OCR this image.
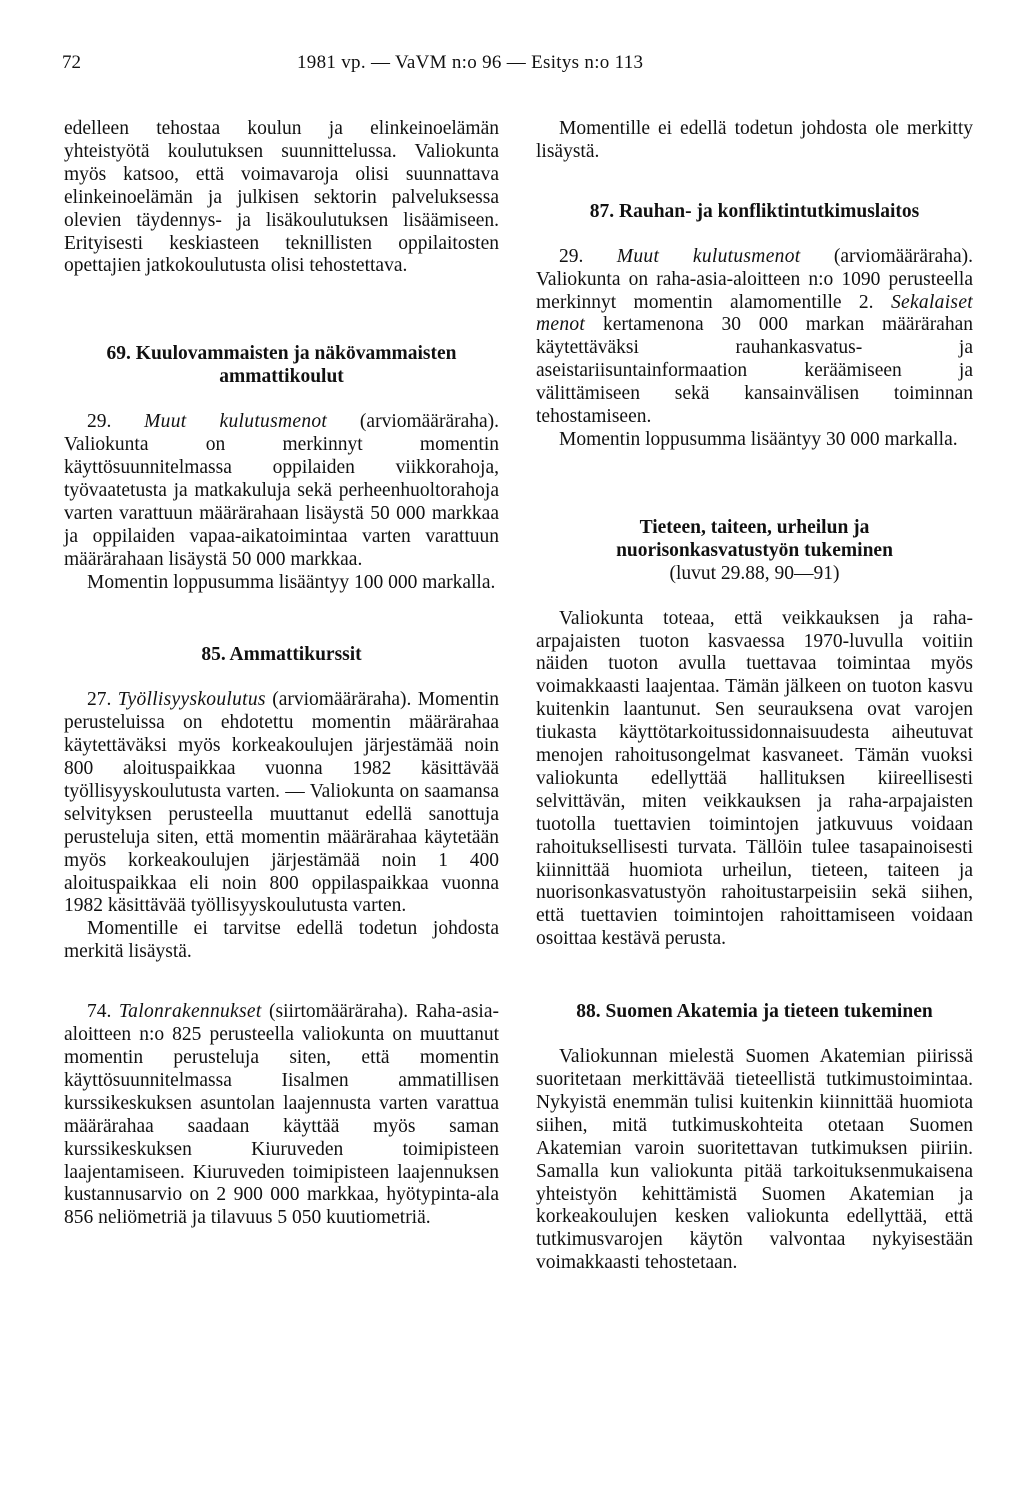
72	1981 vp. — VaVM n:o 96 — Esitys n:o 113

edelleen tehostaa koulun ja elinkeinoelämän yhteistyötä koulutuksen suunnittelussa. Valiokunta myös katsoo, että voimavaroja olisi suunnattava elinkeinoelämän ja julkisen sektorin palveluksessa olevien täydennys- ja lisäkoulutuksen lisäämiseen. Erityisesti keskiasteen teknillisten oppilaitosten opettajien jatkokoulutusta olisi tehostettava.

69. Kuulovammaisten ja näkövammaisten ammattikoulut

29. Muut kulutusmenot (arviomääräraha). Valiokunta on merkinnyt momentin käyttösuunnitelmassa oppilaiden viikkorahoja, työvaatetusta ja matkakuluja sekä perheenhuoltorahoja varten varattuun määrärahaan lisäystä 50 000 markkaa ja oppilaiden vapaa-aikatoimintaa varten varattuun määrärahaan lisäystä 50 000 markkaa.

Momentin loppusumma lisääntyy 100 000 markalla.

85. Ammattikurssit

27. Työllisyyskoulutus (arviomääräraha). Momentin perusteluissa on ehdotettu momentin määrärahaa käytettäväksi myös korkeakoulujen järjestämää noin 800 aloituspaikkaa vuonna 1982 käsittävää työllisyyskoulutusta varten. — Valiokunta on saamansa selvityksen perusteella muuttanut edellä sanottuja perusteluja siten, että momentin määrärahaa käytetään myös korkeakoulujen järjestämää noin 1 400 aloituspaikkaa eli noin 800 oppilaspaikkaa vuonna 1982 käsittävää työllisyyskoulutusta varten.

Momentille ei tarvitse edellä todetun johdosta merkitä lisäystä.

74. Talonrakennukset (siirtomääräraha). Raha-asia-aloitteen n:o 825 perusteella valiokunta on muuttanut momentin perusteluja siten, että momentin käyttösuunnitelmassa Iisalmen ammatillisen kurssikeskuksen asuntolan laajennusta varten varattua määrärahaa saadaan käyttää myös saman kurssikeskuksen Kiuruveden toimipisteen laajentamiseen. Kiuruveden toimipisteen laajennuksen kustannusarvio on 2 900 000 markkaa, hyötypinta-ala 856 neliömetriä ja tilavuus 5 050 kuutiometriä.

Momentille ei edellä todetun johdosta ole merkitty lisäystä.

87. Rauhan- ja konfliktintutkimuslaitos

29. Muut kulutusmenot (arviomääräraha). Valiokunta on raha-asia-aloitteen n:o 1090 perusteella merkinnyt momentin alamomentille 2. Sekalaiset menot kertamenona 30 000 markan määrärahan käytettäväksi rauhankasvatus- ja aseistariisuntainformaation keräämiseen ja välittämiseen sekä kansainvälisen toiminnan tehostamiseen.

Momentin loppusumma lisääntyy 30 000 markalla.

Tieteen, taiteen, urheilun ja nuorisonkasvatustyön tukeminen

(luvut 29.88, 90—91)

Valiokunta toteaa, että veikkauksen ja raha-arpajaisten tuoton kasvaessa 1970-luvulla voitiin näiden tuoton avulla tuettavaa toimintaa myös voimakkaasti laajentaa. Tämän jälkeen on tuoton kasvu kuitenkin laantunut. Sen seurauksena ovat varojen tiukasta käyttötarkoitussidonnaisuudesta aiheutuvat menojen rahoitusongelmat kasvaneet. Tämän vuoksi valiokunta edellyttää hallituksen kiireellisesti selvittävän, miten veikkauksen ja raha-arpajaisten tuotolla tuettavien toimintojen jatkuvuus voidaan rahoituksellisesti turvata. Tällöin tulee tasapainoisesti kiinnittää huomiota urheilun, tieteen, taiteen ja nuorisonkasvatustyön rahoitustarpeisiin sekä siihen, että tuettavien toimintojen rahoittamiseen voidaan osoittaa kestävä perusta.

88. Suomen Akatemia ja tieteen tukeminen

Valiokunnan mielestä Suomen Akatemian piirissä suoritetaan merkittävää tieteellistä tutkimustoimintaa. Nykyistä enemmän tulisi kuitenkin kiinnittää huomiota siihen, mitä tutkimuskohteita otetaan Suomen Akatemian varoin suoritettavan tutkimuksen piiriin. Samalla kun valiokunta pitää tarkoituksenmukaisena yhteistyön kehittämistä Suomen Akatemian ja korkeakoulujen kesken valiokunta edellyttää, että tutkimusvarojen käytön valvontaa nykyisestään voimakkaasti tehostetaan.
